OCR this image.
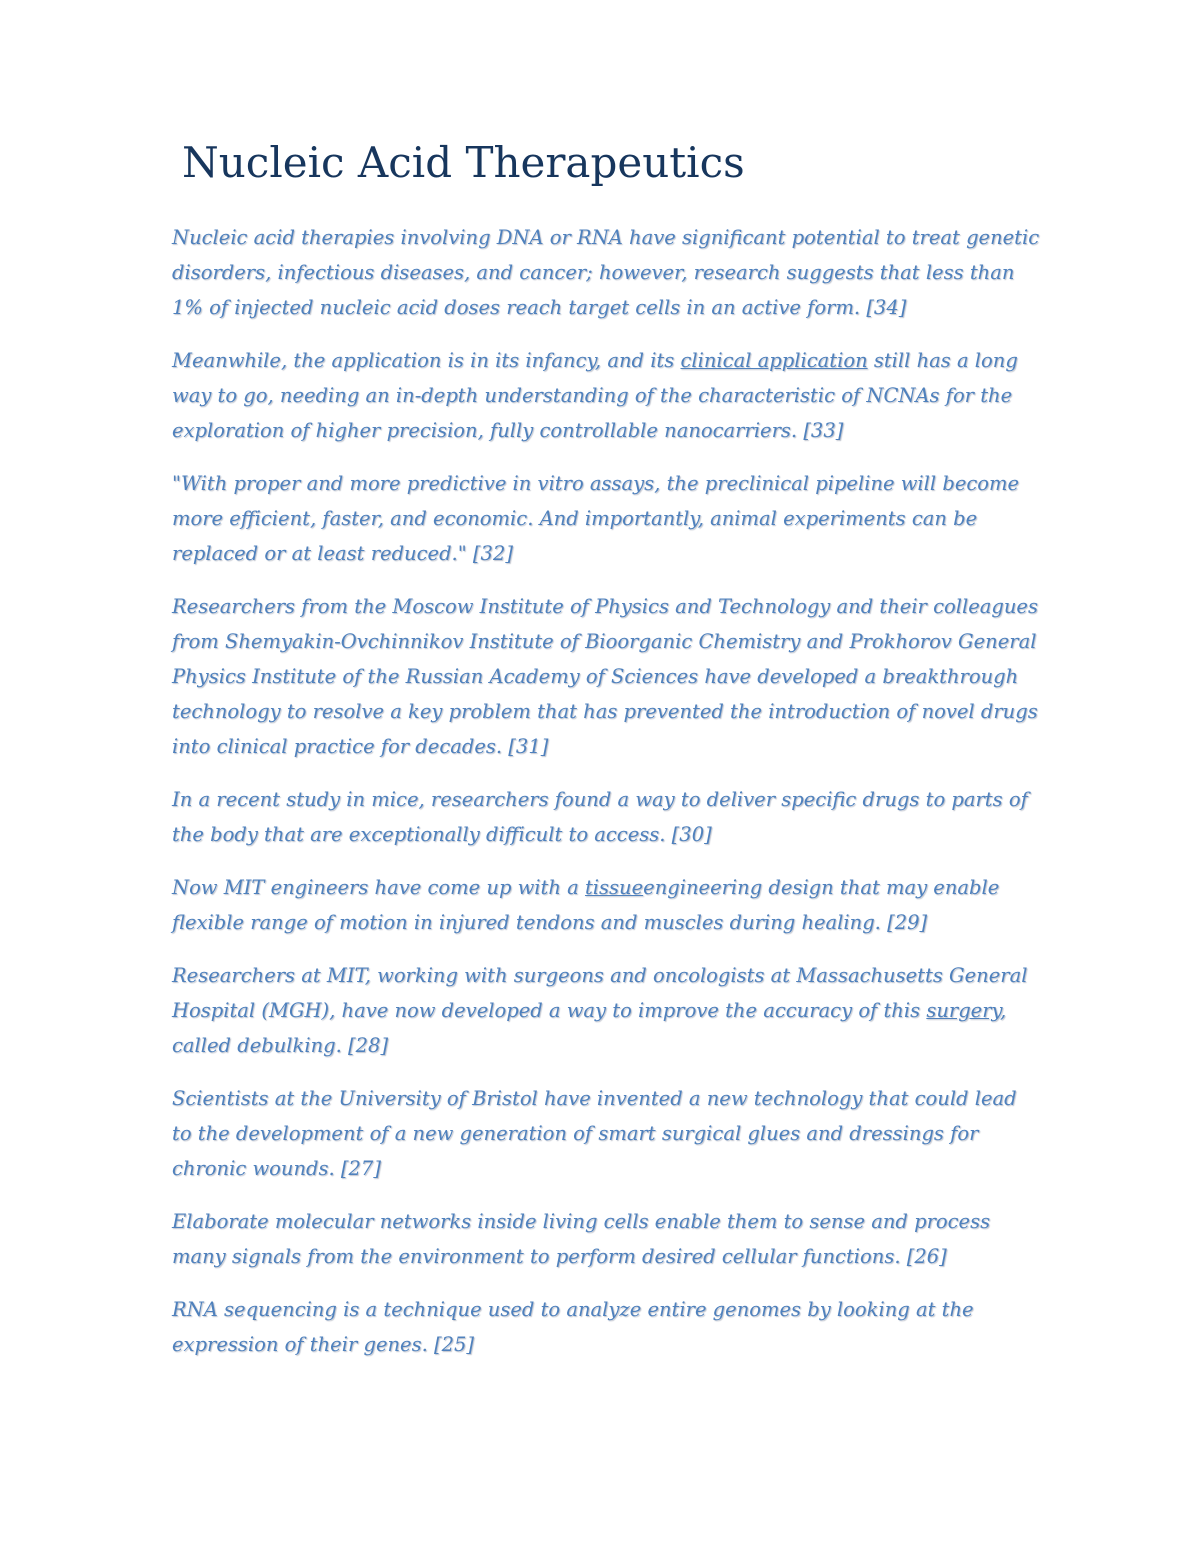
Nucleic Acid Therapeutics

Nucleic acid therapies involving DNA or RNA have significant potential to treat genetic disorders, infectious diseases, and cancer; however, research suggests that less than 1% of injected nucleic acid doses reach target cells in an active form. [34]

Meanwhile, the application is in its infancy, and its clinical application still has a long way to go, needing an in-depth understanding of the characteristic of NCNAs for the exploration of higher precision, fully controllable nanocarriers. [33]

"With proper and more predictive in vitro assays, the preclinical pipeline will become more efficient, faster, and economic. And importantly, animal experiments can be replaced or at least reduced." [32]

Researchers from the Moscow Institute of Physics and Technology and their colleagues from Shemyakin-Ovchinnikov Institute of Bioorganic Chemistry and Prokhorov General Physics Institute of the Russian Academy of Sciences have developed a breakthrough technology to resolve a key problem that has prevented the introduction of novel drugs into clinical practice for decades. [31]

In a recent study in mice, researchers found a way to deliver specific drugs to parts of the body that are exceptionally difficult to access. [30]

Now MIT engineers have come up with a tissueengineering design that may enable flexible range of motion in injured tendons and muscles during healing. [29]

Researchers at MIT, working with surgeons and oncologists at Massachusetts General Hospital (MGH), have now developed a way to improve the accuracy of this surgery, called debulking. [28]

Scientists at the University of Bristol have invented a new technology that could lead to the development of a new generation of smart surgical glues and dressings for chronic wounds. [27]

Elaborate molecular networks inside living cells enable them to sense and process many signals from the environment to perform desired cellular functions. [26]

RNA sequencing is a technique used to analyze entire genomes by looking at the expression of their genes. [25]
